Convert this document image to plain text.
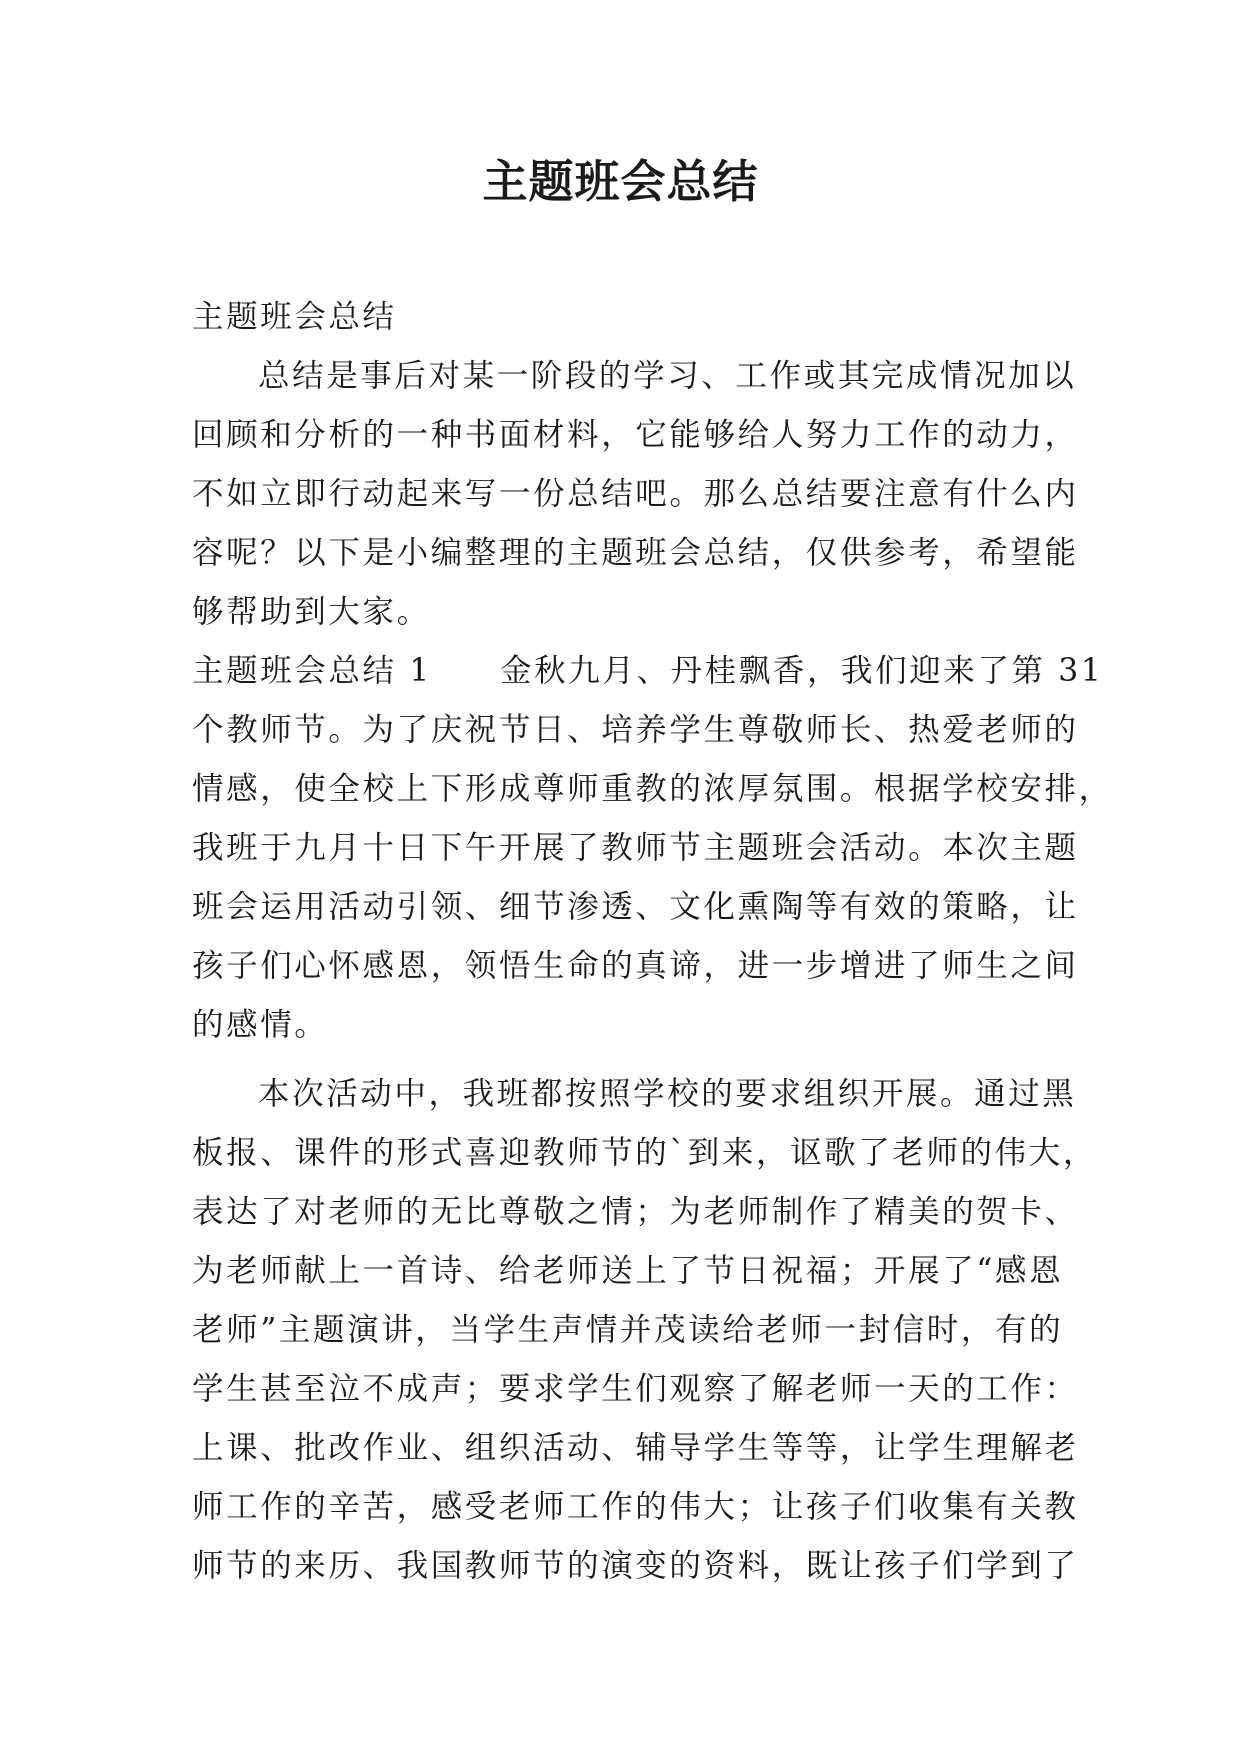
主题班会总结
主题班会总结
总结是事后对某一阶段的学习、工作或其完成情况加以
回顾和分析的一种书面材料，它能够给人努力工作的动力，
不如立即行动起来写一份总结吧。那么总结要注意有什么内
容呢？以下是小编整理的主题班会总结，仅供参考，希望能
够帮助到大家。
主题班会总结 1　　金秋九月、丹桂飘香，我们迎来了第 31
个教师节。为了庆祝节日、培养学生尊敬师长、热爱老师的
情感，使全校上下形成尊师重教的浓厚氛围。根据学校安排，
我班于九月十日下午开展了教师节主题班会活动。本次主题
班会运用活动引领、细节渗透、文化熏陶等有效的策略，让
孩子们心怀感恩，领悟生命的真谛，进一步增进了师生之间
的感情。
本次活动中，我班都按照学校的要求组织开展。通过黑
板报、课件的形式喜迎教师节的`到来，讴歌了老师的伟大，
表达了对老师的无比尊敬之情；为老师制作了精美的贺卡、
为老师献上一首诗、给老师送上了节日祝福；开展了“感恩
老师”主题演讲，当学生声情并茂读给老师一封信时，有的
学生甚至泣不成声；要求学生们观察了解老师一天的工作：
上课、批改作业、组织活动、辅导学生等等，让学生理解老
师工作的辛苦，感受老师工作的伟大；让孩子们收集有关教
师节的来历、我国教师节的演变的资料，既让孩子们学到了
